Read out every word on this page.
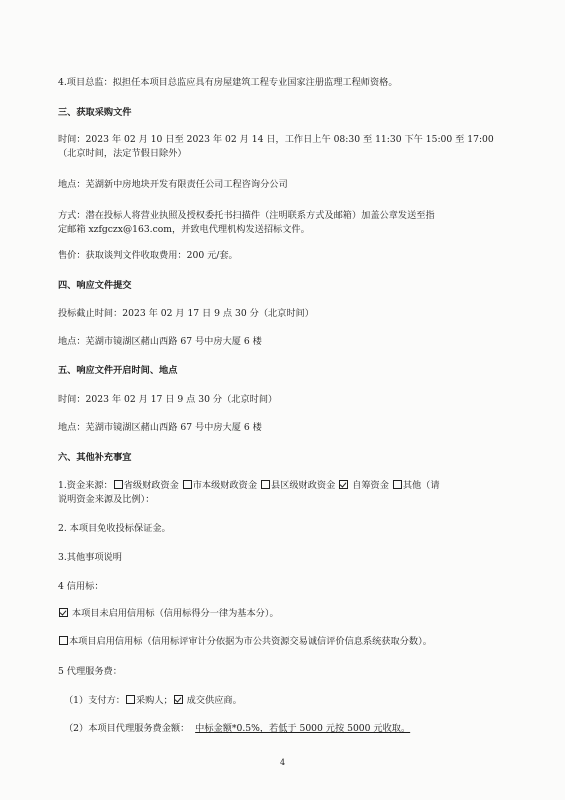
4.项目总监：拟担任本项目总监应具有房屋建筑工程专业国家注册监理工程师资格。
三、获取采购文件
时间：2023 年 02 月 10 日至 2023 年 02 月 14 日，工作日上午 08:30 至 11:30 下午 15:00 至 17:00
（北京时间，法定节假日除外）
地点：芜湖新中房地块开发有限责任公司工程咨询分公司
方式：潜在投标人将营业执照及授权委托书扫描件（注明联系方式及邮箱）加盖公章发送至指
定邮箱 xzfgczx@163.com，并致电代理机构发送招标文件。
售价：获取谈判文件收取费用：200 元/套。
四、响应文件提交
投标截止时间：2023 年 02 月 17 日 9 点 30 分（北京时间）
地点：芜湖市镜湖区赭山西路 67 号中房大厦 6 楼
五、响应文件开启时间、地点
时间：2023 年 02 月 17 日 9 点 30 分（北京时间）
地点：芜湖市镜湖区赭山西路 67 号中房大厦 6 楼
六、其他补充事宜
1.资金来源： 省级财政资金 市本级财政资金 县区级财政资金 自筹资金 其他（请
说明资金来源及比例）：
2. 本项目免收投标保证金。
3.其他事项说明
4 信用标：
本项目未启用信用标（信用标得分一律为基本分）。
本项目启用信用标（信用标评审计分依据为市公共资源交易诚信评价信息系统获取分数）。
5 代理服务费：
（1）支付方： 采购人； 成交供应商。
（2）本项目代理服务费金额： 中标金额*0.5%，若低于 5000 元按 5000 元收取。
4
